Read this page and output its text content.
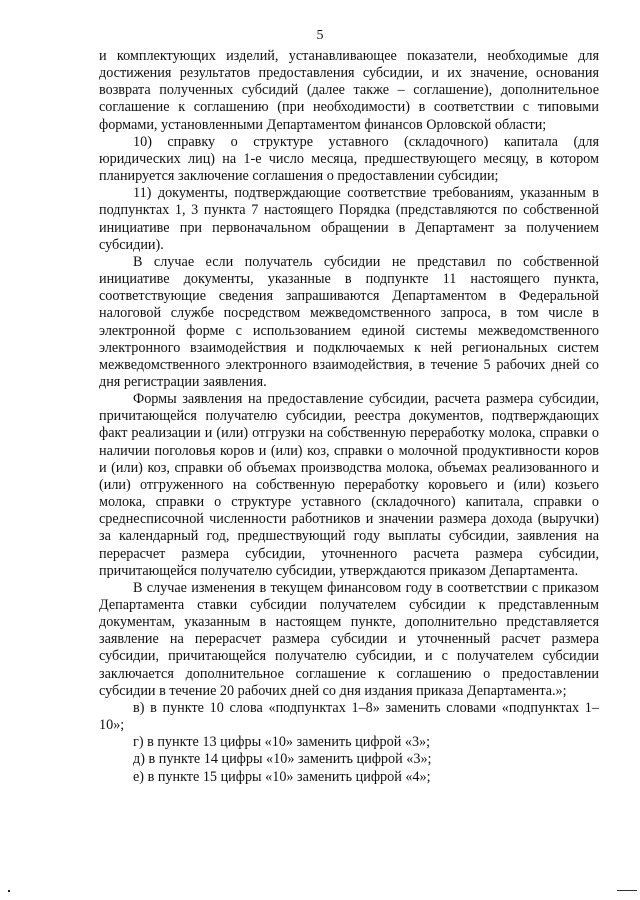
5

и комплектующих изделий, устанавливающее показатели, необходимые для достижения результатов предоставления субсидии, и их значение, основания возврата полученных субсидий (далее также – соглашение), дополнительное соглашение к соглашению (при необходимости) в соответствии с типовыми формами, установленными Департаментом финансов Орловской области;

10) справку о структуре уставного (складочного) капитала (для юридических лиц) на 1-е число месяца, предшествующего месяцу, в котором планируется заключение соглашения о предоставлении субсидии;

11) документы, подтверждающие соответствие требованиям, указанным в подпунктах 1, 3 пункта 7 настоящего Порядка (представляются по собственной инициативе при первоначальном обращении в Департамент за получением субсидии).

В случае если получатель субсидии не представил по собственной инициативе документы, указанные в подпункте 11 настоящего пункта, соответствующие сведения запрашиваются Департаментом в Федеральной налоговой службе посредством межведомственного запроса, в том числе в электронной форме с использованием единой системы межведомственного электронного взаимодействия и подключаемых к ней региональных систем межведомственного электронного взаимодействия, в течение 5 рабочих дней со дня регистрации заявления.

Формы заявления на предоставление субсидии, расчета размера субсидии, причитающейся получателю субсидии, реестра документов, подтверждающих факт реализации и (или) отгрузки на собственную переработку молока, справки о наличии поголовья коров и (или) коз, справки о молочной продуктивности коров и (или) коз, справки об объемах производства молока, объемах реализованного и (или) отгруженного на собственную переработку коровьего и (или) козьего молока, справки о структуре уставного (складочного) капитала, справки о среднесписочной численности работников и значении размера дохода (выручки) за календарный год, предшествующий году выплаты субсидии, заявления на перерасчет размера субсидии, уточненного расчета размера субсидии, причитающейся получателю субсидии, утверждаются приказом Департамента.

В случае изменения в текущем финансовом году в соответствии с приказом Департамента ставки субсидии получателем субсидии к представленным документам, указанным в настоящем пункте, дополнительно представляется заявление на перерасчет размера субсидии и уточненный расчет размера субсидии, причитающейся получателю субсидии, и с получателем субсидии заключается дополнительное соглашение к соглашению о предоставлении субсидии в течение 20 рабочих дней со дня издания приказа Департамента.»;

в) в пункте 10 слова «подпунктах 1–8» заменить словами «подпунктах 1–10»;

г) в пункте 13 цифры «10» заменить цифрой «3»;

д) в пункте 14 цифры «10» заменить цифрой «3»;

е) в пункте 15 цифры «10» заменить цифрой «4»;
